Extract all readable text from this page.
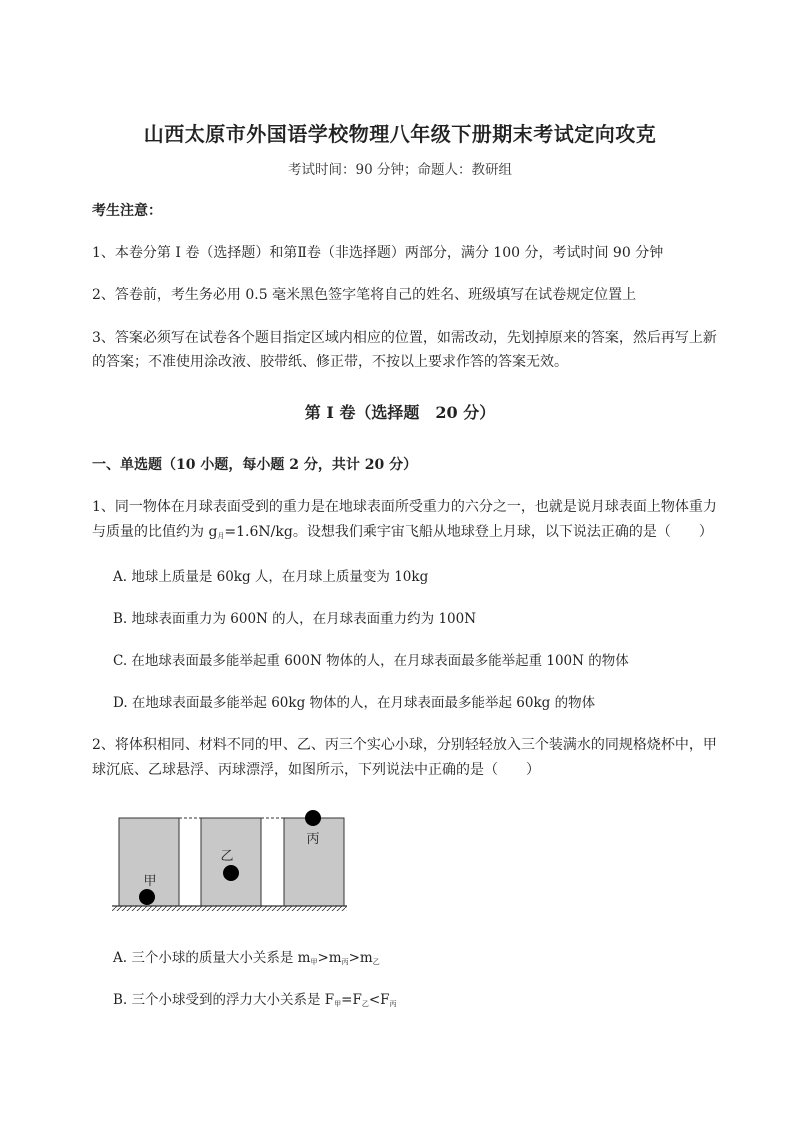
山西太原市外国语学校物理八年级下册期末考试定向攻克
考试时间：90 分钟；命题人：教研组
考生注意：
1、本卷分第 I 卷（选择题）和第Ⅱ卷（非选择题）两部分，满分 100 分，考试时间 90 分钟
2、答卷前，考生务必用 0.5 毫米黑色签字笔将自己的姓名、班级填写在试卷规定位置上
3、答案必须写在试卷各个题目指定区域内相应的位置，如需改动，先划掉原来的答案，然后再写上新
的答案；不准使用涂改液、胶带纸、修正带，不按以上要求作答的答案无效。
第 I 卷（选择题　20 分）
一、单选题（10 小题，每小题 2 分，共计 20 分）
1、同一物体在月球表面受到的重力是在地球表面所受重力的六分之一，也就是说月球表面上物体重力
与质量的比值约为 $g_月=1.6N/kg$。设想我们乘宇宙飞船从地球登上月球，以下说法正确的是（　　）
A. 地球上质量是 60kg 人，在月球上质量变为 10kg
B. 地球表面重力为 600N 的人，在月球表面重力约为 100N
C. 在地球表面最多能举起重 600N 物体的人，在月球表面最多能举起重 100N 的物体
D. 在地球表面最多能举起 60kg 物体的人，在月球表面最多能举起 60kg 的物体
2、将体积相同、材料不同的甲、乙、丙三个实心小球，分别轻轻放入三个装满水的同规格烧杯中，甲
球沉底、乙球悬浮、丙球漂浮，如图所示，下列说法中正确的是（　　）
甲
乙
丙
A. 三个小球的质量大小关系是 $m_甲>m_丙>m_乙$
B. 三个小球受到的浮力大小关系是 $F_甲=F_乙<F_丙$
